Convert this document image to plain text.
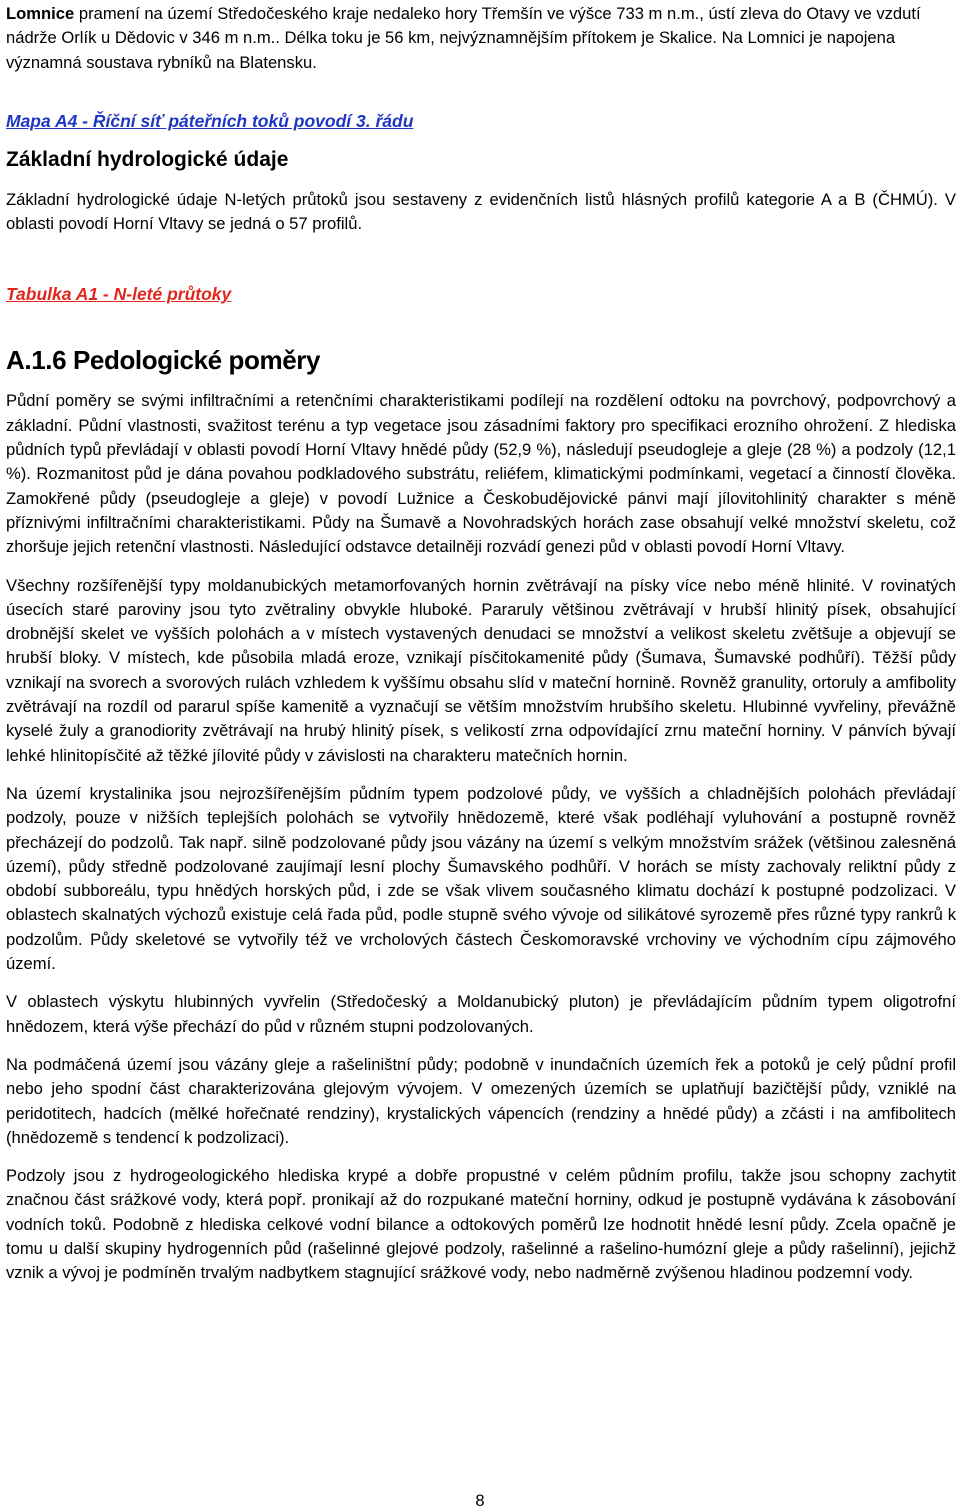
Lomnice pramení na území Středočeského kraje nedaleko hory Třemšín ve výšce 733 m n.m., ústí zleva do Otavy ve vzdutí nádrže Orlík u Dědovic v 346 m n.m.. Délka toku je 56 km, nejvýznamnějším přítokem je Skalice. Na Lomnici je napojena významná soustava rybníků na Blatensku.

Mapa A4 - Říční síť páteřních toků povodí 3. řádu
Základní hydrologické údaje

Základní hydrologické údaje N-letých průtoků jsou sestaveny z evidenčních listů hlásných profilů kategorie A a B (ČHMÚ). V oblasti povodí Horní Vltavy se jedná o 57 profilů.

Tabulka A1 - N-leté průtoky
A.1.6 Pedologické poměry

Půdní poměry se svými infiltračními a retenčními charakteristikami podílejí na rozdělení odtoku na povrchový, podpovrchový a základní. Půdní vlastnosti, svažitost terénu a typ vegetace jsou zásadními faktory pro specifikaci erozního ohrožení. Z hlediska půdních typů převládají v oblasti povodí Horní Vltavy hnědé půdy (52,9 %), následují pseudogleje a gleje (28 %) a podzoly (12,1 %). Rozmanitost půd je dána povahou podkladového substrátu, reliéfem, klimatickými podmínkami, vegetací a činností člověka. Zamokřené půdy (pseudogleje a gleje) v povodí Lužnice a Českobudějovické pánvi mají jílovitohlinitý charakter s méně příznivými infiltračními charakteristikami. Půdy na Šumavě a Novohradských horách zase obsahují velké množství skeletu, což zhoršuje jejich retenční vlastnosti. Následující odstavce detailněji rozvádí genezi půd v oblasti povodí Horní Vltavy.

Všechny rozšířenější typy moldanubických metamorfovaných hornin zvětrávají na písky více nebo méně hlinité. V rovinatých úsecích staré paroviny jsou tyto zvětraliny obvykle hluboké. Pararuly většinou zvětrávají v hrubší hlinitý písek, obsahující drobnější skelet ve vyšších polohách a v místech vystavených denudaci se množství a velikost skeletu zvětšuje a objevují se hrubší bloky. V místech, kde působila mladá eroze, vznikají písčitokamenité půdy (Šumava, Šumavské podhůří). Těžší půdy vznikají na svorech a svorových rulách vzhledem k vyššímu obsahu slíd v mateční hornině. Rovněž granulity, ortoruly a amfibolity zvětrávají na rozdíl od pararul spíše kamenitě a vyznačují se větším množstvím hrubšího skeletu. Hlubinné vyvřeliny, převážně kyselé žuly a granodiority zvětrávají na hrubý hlinitý písek, s velikostí zrna odpovídající zrnu mateční horniny. V pánvích bývají lehké hlinitopísčité až těžké jílovité půdy v závislosti na charakteru matečních hornin.

Na území krystalinika jsou nejrozšířenějším půdním typem podzolové půdy, ve vyšších a chladnějších polohách převládají podzoly, pouze v nižších teplejších polohách se vytvořily hnědozemě, které však podléhají vyluhování a postupně rovněž přecházejí do podzolů. Tak např. silně podzolované půdy jsou vázány na území s velkým množstvím srážek (většinou zalesněná území), půdy středně podzolované zaujímají lesní plochy Šumavského podhůří. V horách se místy zachovaly reliktní půdy z období subboreálu, typu hnědých horských půd, i zde se však vlivem současného klimatu dochází k postupné podzolizaci. V oblastech skalnatých výchozů existuje celá řada půd, podle stupně svého vývoje od silikátové syrozemě přes různé typy rankrů k podzolům. Půdy skeletové se vytvořily též ve vrcholových částech Českomoravské vrchoviny ve východním cípu zájmového území.

V oblastech výskytu hlubinných vyvřelin (Středočeský a Moldanubický pluton) je převládajícím půdním typem oligotrofní hnědozem, která výše přechází do půd v různém stupni podzolovaných.

Na podmáčená území jsou vázány gleje a rašeliništní půdy; podobně v inundačních územích řek a potoků je celý půdní profil nebo jeho spodní část charakterizována glejovým vývojem. V omezených územích se uplatňují bazičtější půdy, vzniklé na peridotitech, hadcích (mělké hořečnaté rendziny), krystalických vápencích (rendziny a hnědé půdy) a zčásti i na amfibolitech (hnědozemě s tendencí k podzolizaci).

Podzoly jsou z hydrogeologického hlediska krypé a dobře propustné v celém půdním profilu, takže jsou schopny zachytit značnou část srážkové vody, která popř. pronikají až do rozpukané mateční horniny, odkud je postupně vydávána k zásobování vodních toků. Podobně z hlediska celkové vodní bilance a odtokových poměrů lze hodnotit hnědé lesní půdy. Zcela opačně je tomu u další skupiny hydrogenních půd (rašelinné glejové podzoly, rašelinné a rašelino-humózní gleje a půdy rašelinní), jejichž vznik a vývoj je podmíněn trvalým nadbytkem stagnující srážkové vody, nebo nadměrně zvýšenou hladinou podzemní vody.

8
